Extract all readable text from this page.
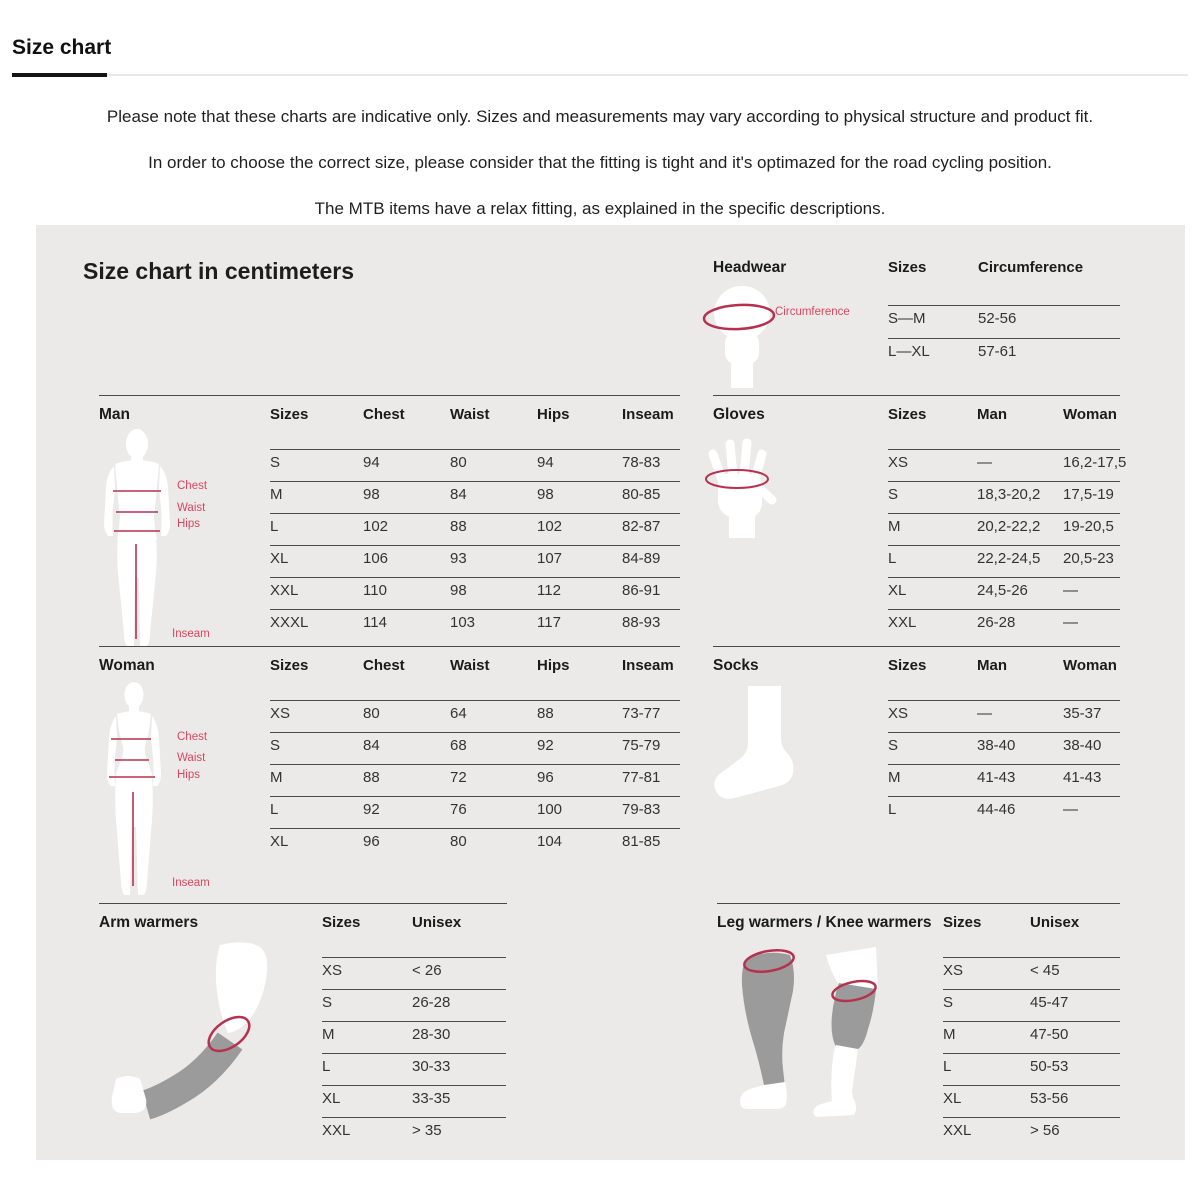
Size chart

Please note that these charts are indicative only. Sizes and measurements may vary according to physical structure and product fit.

In order to choose the correct size, please consider that the fitting is tight and it's optimazed for the road cycling position.

The MTB items have a relax fitting, as explained in the specific descriptions.

Size chart in centimeters	Headwear
Circumference
Sizes	Circumference
S—M	52-56
L—XL	57-61
Man
Chest
Waist
Hips
Inseam
Sizes	Chest	Waist	Hips	Inseam
S	94	80	94	78-83
M	98	84	98	80-85
L	102	88	102	82-87
XL	106	93	107	84-89
XXL	110	98	112	86-91
XXXL	114	103	117	88-93
Gloves	Sizes	Man	Woman
XS	—	16,2-17,5
S	18,3-20,2	17,5-19
M	20,2-22,2	19-20,5
L	22,2-24,5	20,5-23
XL	24,5-26	—
XXL	26-28	—
Woman
Chest
Waist
Hips
Inseam
Sizes	Chest	Waist	Hips	Inseam
XS	80	64	88	73-77
S	84	68	92	75-79
M	88	72	96	77-81
L	92	76	100	79-83
XL	96	80	104	81-85
Socks	Sizes	Man	Woman
XS	—	35-37
S	38-40	38-40
M	41-43	41-43
L	44-46	—
Arm warmers	Sizes	Unisex
XS	< 26
S	26-28
M	28-30
L	30-33
XL	33-35
XXL	> 35
Leg warmers / Knee warmers Sizes	Unisex
XS	< 45
S	45-47
M	47-50
L	50-53
XL	53-56
XXL	> 56
